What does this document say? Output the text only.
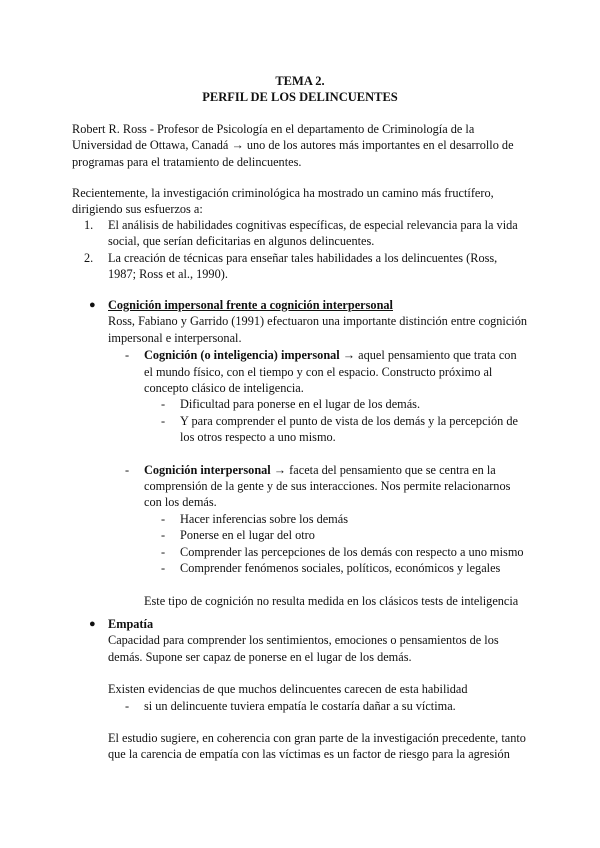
TEMA 2.
PERFIL DE LOS DELINCUENTES

Robert R. Ross - Profesor de Psicología en el departamento de Criminología de la Universidad de Ottawa, Canadá → uno de los autores más importantes en el desarrollo de programas para el tratamiento de delincuentes.

Recientemente, la investigación criminológica ha mostrado un camino más fructífero, dirigiendo sus esfuerzos a:

1. El análisis de habilidades cognitivas específicas, de especial relevancia para la vida social, que serían deficitarias en algunos delincuentes.
2. La creación de técnicas para enseñar tales habilidades a los delincuentes (Ross, 1987; Ross et al., 1990).
● Cognición impersonal frente a cognición interpersonal
Ross, Fabiano y Garrido (1991) efectuaron una importante distinción entre cognición impersonal e interpersonal.
- Cognición (o inteligencia) impersonal → aquel pensamiento que trata con el mundo físico, con el tiempo y con el espacio. Constructo próximo al concepto clásico de inteligencia.
- Dificultad para ponerse en el lugar de los demás.
- Y para comprender el punto de vista de los demás y la percepción de los otros respecto a uno mismo.
- Cognición interpersonal → faceta del pensamiento que se centra en la comprensión de la gente y de sus interacciones. Nos permite relacionarnos con los demás.
- Hacer inferencias sobre los demás
- Ponerse en el lugar del otro
- Comprender las percepciones de los demás con respecto a uno mismo
- Comprender fenómenos sociales, políticos, económicos y legales
Este tipo de cognición no resulta medida en los clásicos tests de inteligencia
● Empatía
Capacidad para comprender los sentimientos, emociones o pensamientos de los demás. Supone ser capaz de ponerse en el lugar de los demás.
Existen evidencias de que muchos delincuentes carecen de esta habilidad
- si un delincuente tuviera empatía le costaría dañar a su víctima.
El estudio sugiere, en coherencia con gran parte de la investigación precedente, tanto que la carencia de empatía con las víctimas es un factor de riesgo para la agresión
